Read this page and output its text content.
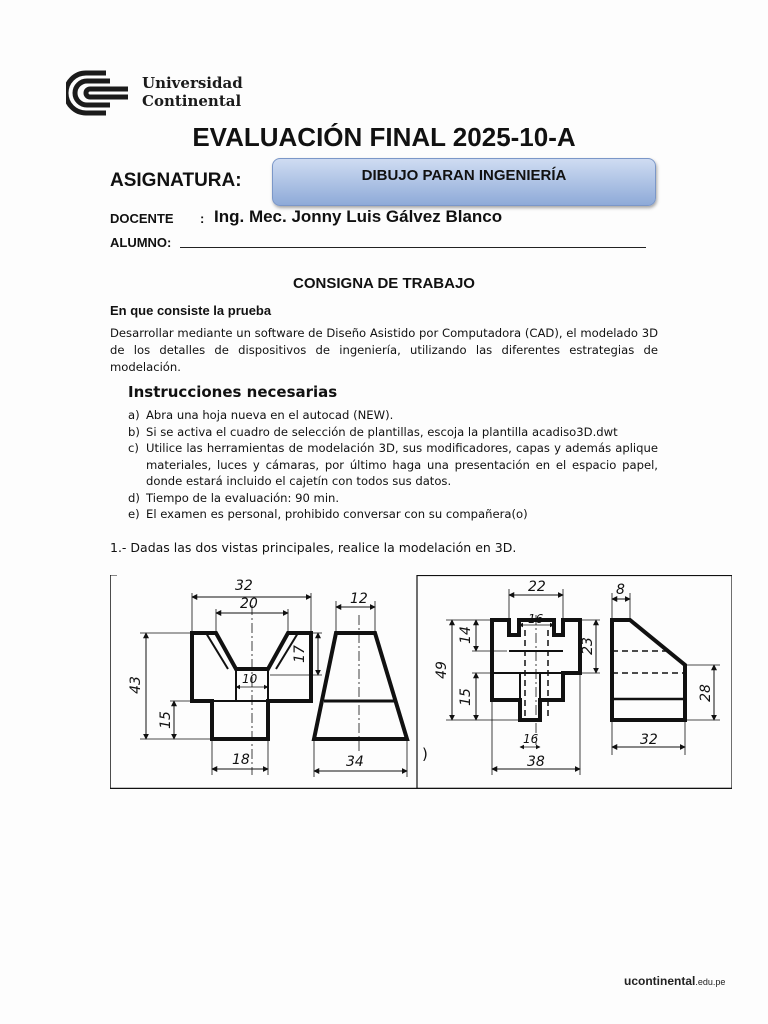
Universidad
Continental
EVALUACIÓN FINAL 2025-10-A
ASIGNATURA:	DIBUJO PARAN INGENIERÍA
DOCENTE : Ing. Mec. Jonny Luis Gálvez Blanco
ALUMNO:
CONSIGNA DE TRABAJO
En que consiste la prueba
Desarrollar mediante un software de Diseño Asistido por Computadora (CAD), el modelado 3D de los detalles de dispositivos de ingeniería, utilizando las diferentes estrategias de modelación.
Instrucciones necesarias
a) Abra una hoja nueva en el autocad (NEW).
b) Si se activa el cuadro de selección de plantillas, escoja la plantilla acadiso3D.dwt
c) Utilice las herramientas de modelación 3D, sus modificadores, capas y además aplique materiales, luces y cámaras, por último haga una presentación en el espacio papel, donde estará incluido el cajetín con todos sus datos.
d) Tiempo de la evaluación: 90 min.
e) El examen es personal, prohibido conversar con su compañera(o)
1.- Dadas las dos vistas principales, realice la modelación en 3D.
32
20
43
15
17
10
18
12
34
22
16
49
14
15
23
16
38
8
28
32
)
ucontinental.edu.pe
